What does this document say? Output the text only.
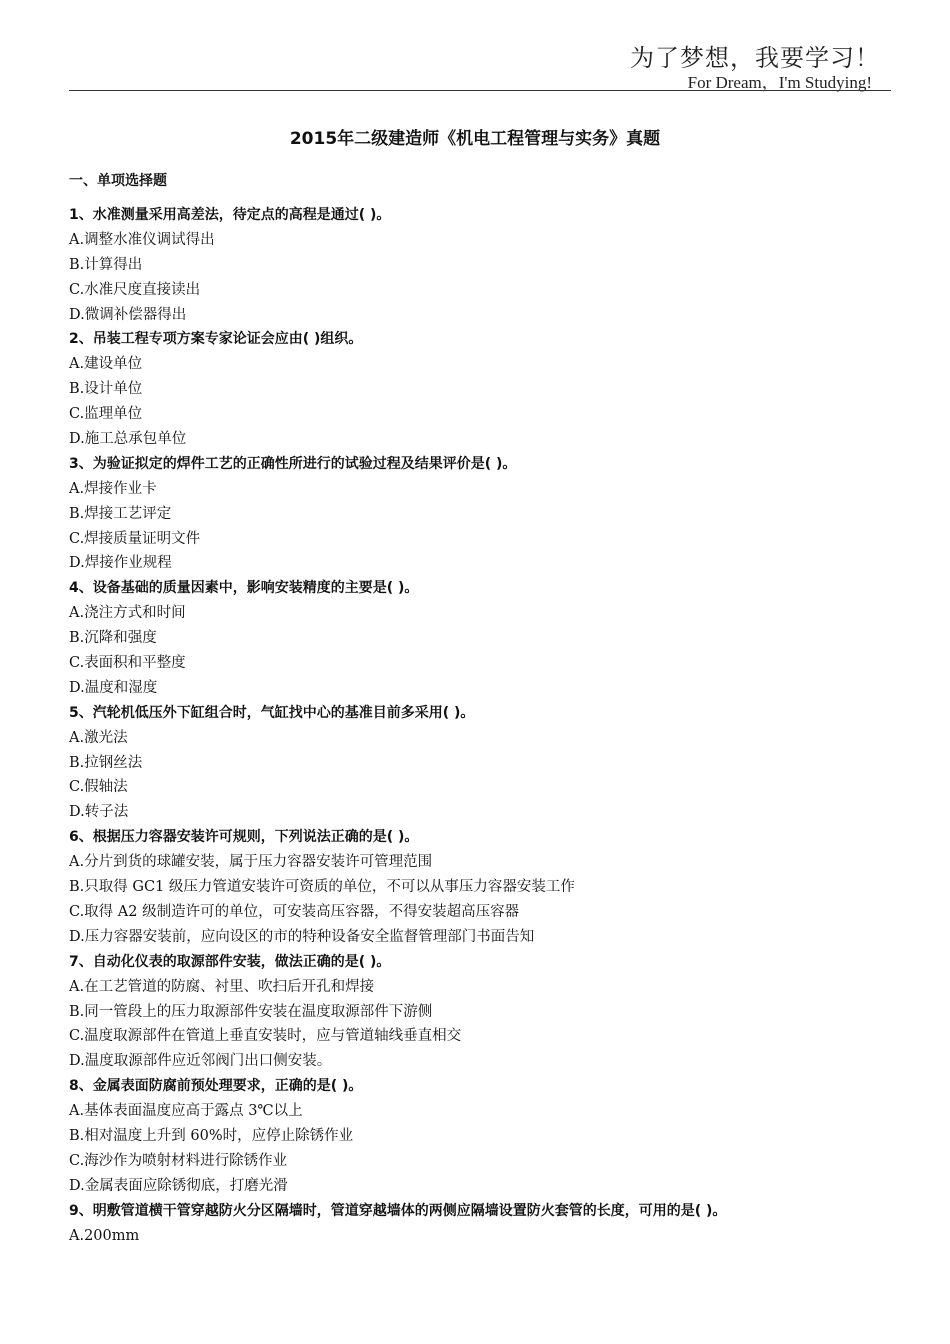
为了梦想，我要学习！
For Dream，I'm Studying!
2015年二级建造师《机电工程管理与实务》真题
一、单项选择题
1、水准测量采用高差法，待定点的高程是通过( )。
A.调整水准仪调试得出
B.计算得出
C.水准尺度直接读出
D.微调补偿器得出
2、吊装工程专项方案专家论证会应由( )组织。
A.建设单位
B.设计单位
C.监理单位
D.施工总承包单位
3、为验证拟定的焊件工艺的正确性所进行的试验过程及结果评价是( )。
A.焊接作业卡
B.焊接工艺评定
C.焊接质量证明文件
D.焊接作业规程
4、设备基础的质量因素中，影响安装精度的主要是( )。
A.浇注方式和时间
B.沉降和强度
C.表面积和平整度
D.温度和湿度
5、汽轮机低压外下缸组合时，气缸找中心的基准目前多采用( )。
A.激光法
B.拉钢丝法
C.假轴法
D.转子法
6、根据压力容器安装许可规则，下列说法正确的是( )。
A.分片到货的球罐安装，属于压力容器安装许可管理范围
B.只取得 GC1 级压力管道安装许可资质的单位，不可以从事压力容器安装工作
C.取得 A2 级制造许可的单位，可安装高压容器，不得安装超高压容器
D.压力容器安装前，应向设区的市的特种设备安全监督管理部门书面告知
7、自动化仪表的取源部件安装，做法正确的是( )。
A.在工艺管道的防腐、衬里、吹扫后开孔和焊接
B.同一管段上的压力取源部件安装在温度取源部件下游侧
C.温度取源部件在管道上垂直安装时，应与管道轴线垂直相交
D.温度取源部件应近邻阀门出口侧安装。
8、金属表面防腐前预处理要求，正确的是( )。
A.基体表面温度应高于露点 3℃以上
B.相对温度上升到 60%时，应停止除锈作业
C.海沙作为喷射材料进行除锈作业
D.金属表面应除锈彻底，打磨光滑
9、明敷管道横干管穿越防火分区隔墙时，管道穿越墙体的两侧应隔墙设置防火套管的长度，可用的是( )。
A.200mm
